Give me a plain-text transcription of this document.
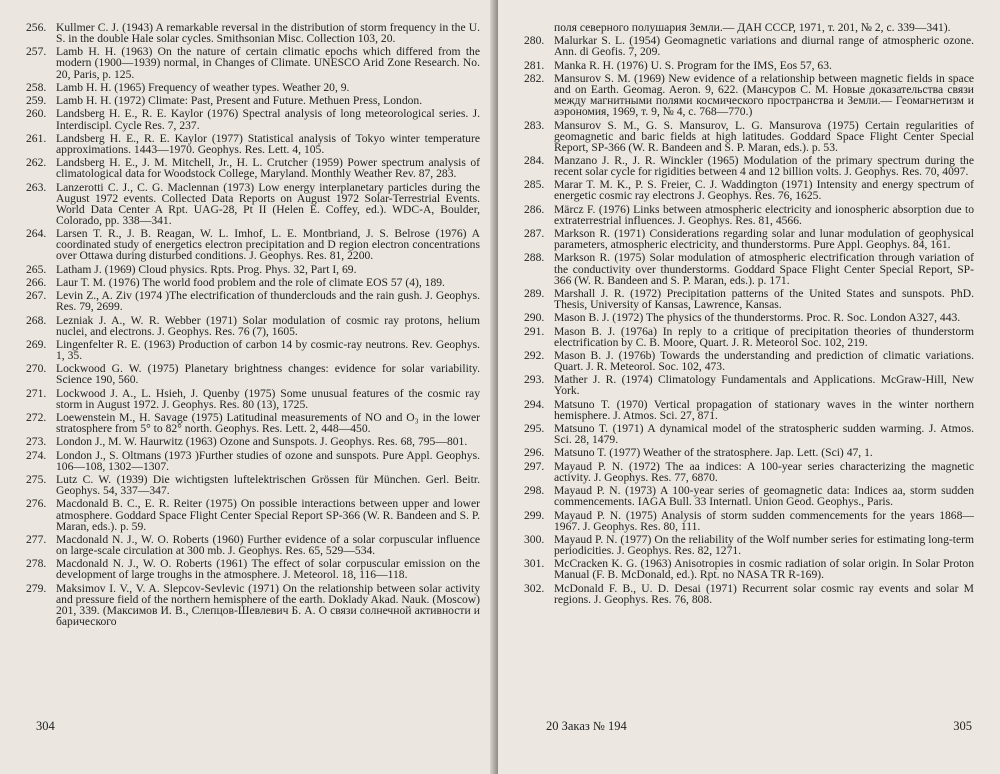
256. Kullmer C. J. (1943) A remarkable reversal in the distribution of storm frequency in the U. S. in the double Hale solar cycles. Smithsonian Misc. Collection 103, 20.

257. Lamb H. H. (1963) On the nature of certain climatic epochs which differed from the modern (1900—1939) normal, in Changes of Climate. UNESCO Arid Zone Research. No. 20, Paris, p. 125.

258. Lamb H. H. (1965) Frequency of weather types. Weather 20, 9.

259. Lamb H. H. (1972) Climate: Past, Present and Future. Methuen Press, London.

260. Landsberg H. E., R. E. Kaylor (1976) Spectral analysis of long meteorological series. J. Interdiscipl. Cycle Res. 7, 237.

261. Landsberg H. E., R. E. Kaylor (1977) Statistical analysis of Tokyo winter temperature approximations. 1443—1970. Geophys. Res. Lett. 4, 105.

262. Landsberg H. E., J. M. Mitchell, Jr., H. L. Crutcher (1959) Power spectrum analysis of climatological data for Woodstock College, Maryland. Monthly Weather Rev. 87, 283.

263. Lanzerotti C. J., C. G. Maclennan (1973) Low energy interplanetary particles during the August 1972 events. Collected Data Reports on August 1972 Solar-Terrestrial Events. World Data Center A Rpt. UAG-28, Pt II (Helen E. Coffey, ed.). WDC-A, Boulder, Colorado, pp. 338—341.

264. Larsen T. R., J. B. Reagan, W. L. Imhof, L. E. Montbriand, J. S. Belrose (1976) A coordinated study of energetics electron precipitation and D region electron concentrations over Ottawa during disturbed conditions. J. Geophys. Res. 81, 2200.

265. Latham J. (1969) Cloud physics. Rpts. Prog. Phys. 32, Part I, 69.

266. Laur T. M. (1976) The world food problem and the role of climate EOS 57 (4), 189.

267. Levin Z., A. Ziv (1974 )The electrification of thunderclouds and the rain gush. J. Geophys. Res. 79, 2699.

268. Lezniak J. A., W. R. Webber (1971) Solar modulation of cosmic ray protons, helium nuclei, and electrons. J. Geophys. Res. 76 (7), 1605.

269. Lingenfelter R. E. (1963) Production of carbon 14 by cosmic-ray neutrons. Rev. Geophys. 1, 35.

270. Lockwood G. W. (1975) Planetary brightness changes: evidence for solar variability. Science 190, 560.

271. Lockwood J. A., L. Hsieh, J. Quenby (1975) Some unusual features of the cosmic ray storm in August 1972. J. Geophys. Res. 80 (13), 1725.

272. Loewenstein M., H. Savage (1975) Latitudinal measurements of NO and O₃ in the lower stratosphere from 5° to 82° north. Geophys. Res. Lett. 2, 448—450.

273. London J., M. W. Haurwitz (1963) Ozone and Sunspots. J. Geophys. Res. 68, 795—801.

274. London J., S. Oltmans (1973 )Further studies of ozone and sunspots. Pure Appl. Geophys. 106—108, 1302—1307.

275. Lutz C. W. (1939) Die wichtigsten luftelektrischen Grössen für München. Gerl. Beitr. Geophys. 54, 337—347.

276. Macdonald B. C., E. R. Reiter (1975) On possible interactions between upper and lower atmosphere. Goddard Space Flight Center Special Report SP-366 (W. R. Bandeen and S. P. Maran, eds.). p. 59.

277. Macdonald N. J., W. O. Roberts (1960) Further evidence of a solar corpuscular influence on large-scale circulation at 300 mb. J. Geophys. Res. 65, 529—534.

278. Macdonald N. J., W. O. Roberts (1961) The effect of solar corpuscular emission on the development of large troughs in the atmosphere. J. Meteorol. 18, 116—118.

279. Maksimov I. V., V. A. Slepcov-Sevlevic (1971) On the relationship between solar activity and pressure field of the northern hemisphere of the earth. Doklady Akad. Nauk. (Moscow) 201, 339. (Максимов И. В., Слепцов-Шевлевич Б. А. О связи солнечной активности и барического

304

поля северного полушария Земли.— ДАН СССР, 1971, т. 201, № 2, с. 339—341).

280. Malurkar S. L. (1954) Geomagnetic variations and diurnal range of atmospheric ozone. Ann. di Geofis. 7, 209.

281. Manka R. H. (1976) U. S. Program for the IMS, Eos 57, 63.

282. Mansurov S. M. (1969) New evidence of a relationship between magnetic fields in space and on Earth. Geomag. Aeron. 9, 622. (Мансуров С. М. Новые доказательства связи между магнитными полями космического пространства и Земли.— Геомагнетизм и аэрономия, 1969, т. 9, № 4, с. 768—770.)

283. Mansurov S. M., G. S. Mansurov, L. G. Mansurova (1975) Certain regularities of geomagnetic and baric fields at high latitudes. Goddard Space Flight Center Special Report, SP-366 (W. R. Bandeen and S. P. Maran, eds.). p. 53.

284. Manzano J. R., J. R. Winckler (1965) Modulation of the primary spectrum during the recent solar cycle for rigidities between 4 and 12 billion volts. J. Geophys. Res. 70, 4097.

285. Marar T. M. K., P. S. Freier, C. J. Waddington (1971) Intensity and energy spectrum of energetic cosmic ray electrons J. Geophys. Res. 76, 1625.

286. Märcz F. (1976) Links between atmospheric electricity and ionospheric absorption due to extraterrestrial influences. J. Geophys. Res. 81, 4566.

287. Markson R. (1971) Considerations regarding solar and lunar modulation of geophysical parameters, atmospheric electricity, and thunderstorms. Pure Appl. Geophys. 84, 161.

288. Markson R. (1975) Solar modulation of atmospheric electrification through variation of the conductivity over thunderstorms. Goddard Space Flight Center Special Report, SP-366 (W. R. Bandeen and S. P. Maran, eds.). p. 171.

289. Marshall J. R. (1972) Precipitation patterns of the United States and sunspots. PhD. Thesis, University of Kansas, Lawrence, Kansas.

290. Mason B. J. (1972) The physics of the thunderstorms. Proc. R. Soc. London A327, 443.

291. Mason B. J. (1976a) In reply to a critique of precipitation theories of thunderstorm electrification by C. B. Moore, Quart. J. R. Meteorol Soc. 102, 219.

292. Mason B. J. (1976b) Towards the understanding and prediction of climatic variations. Quart. J. R. Meteorol. Soc. 102, 473.

293. Mather J. R. (1974) Climatology Fundamentals and Applications. McGraw-Hill, New York.

294. Matsuno T. (1970) Vertical propagation of stationary waves in the winter northern hemisphere. J. Atmos. Sci. 27, 871.

295. Matsuno T. (1971) A dynamical model of the stratospheric sudden warming. J. Atmos. Sci. 28, 1479.

296. Matsuno T. (1977) Weather of the stratosphere. Jap. Lett. (Sci) 47, 1.

297. Mayaud P. N. (1972) The aa indices: A 100-year series characterizing the magnetic activity. J. Geophys. Res. 77, 6870.

298. Mayaud P. N. (1973) A 100-year series of geomagnetic data: Indices aa, storm sudden commencements. IAGA Bull. 33 Internatl. Union Geod. Geophys., Paris.

299. Mayaud P. N. (1975) Analysis of storm sudden commencements for the years 1868—1967. J. Geophys. Res. 80, 111.

300. Mayaud P. N. (1977) On the reliability of the Wolf number series for estimating long-term periodicities. J. Geophys. Res. 82, 1271.

301. McCracken K. G. (1963) Anisotropies in cosmic radiation of solar origin. In Solar Proton Manual (F. B. McDonald, ed.). Rpt. no NASA TR R-169).

302. McDonald F. B., U. D. Desai (1971) Recurrent solar cosmic ray events and solar M regions. J. Geophys. Res. 76, 808.

20 Заказ № 194	305
